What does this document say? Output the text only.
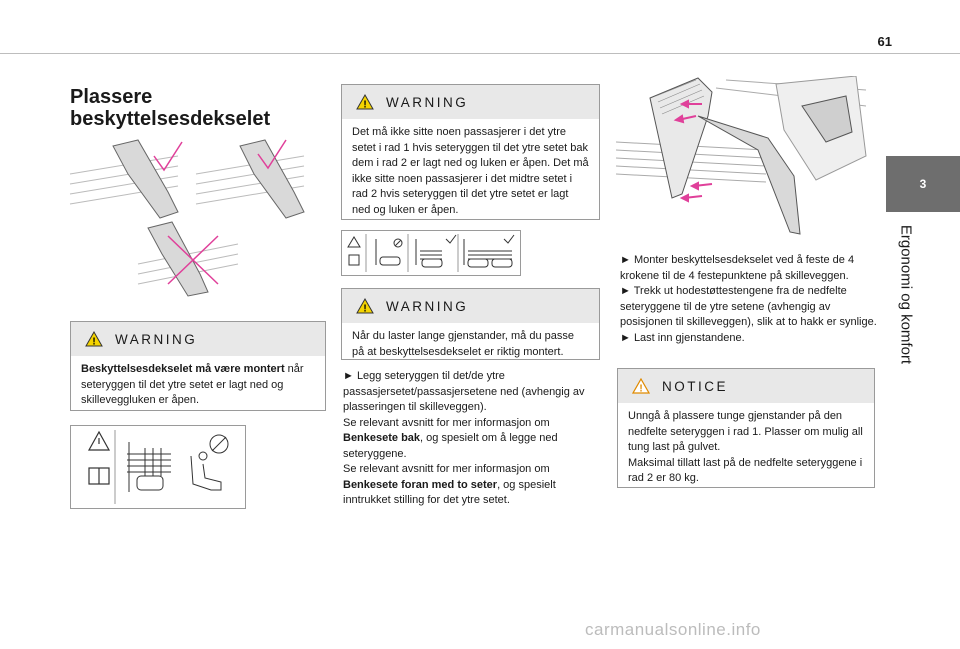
61
3
Ergonomi og komfort
Plassere beskyttelsesdekselet
! WARNING
Beskyttelsesdekselet må være montert når seteryggen til det ytre setet er lagt ned og skilleveggluken er åpen.
! WARNING
Det må ikke sitte noen passasjerer i det ytre setet i rad 1 hvis seteryggen til det ytre setet bak dem i rad 2 er lagt ned og luken er åpen. Det må ikke sitte noen passasjerer i det midtre setet i rad 2 hvis seteryggen til det ytre setet er lagt ned og luken er åpen.
! WARNING
Når du laster lange gjenstander, må du passe på at beskyttelsesdekselet er riktig montert.
► Legg seteryggen til det/de ytre passasjersetet/passasjersetene ned (avhengig av plasseringen til skilleveggen).
Se relevant avsnitt for mer informasjon om Benkesete bak, og spesielt om å legge ned seteryggene.
Se relevant avsnitt for mer informasjon om Benkesete foran med to seter, og spesielt inntrukket stilling for det ytre setet.
► Monter beskyttelsesdekselet ved å feste de 4 krokene til de 4 festepunktene på skilleveggen.
► Trekk ut hodestøttestengene fra de nedfelte seteryggene til de ytre setene (avhengig av posisjonen til skilleveggen), slik at to hakk er synlige.
► Last inn gjenstandene.
! NOTICE
Unngå å plassere tunge gjenstander på den nedfelte seteryggen i rad 1. Plasser om mulig all tung last på gulvet.
Maksimal tillatt last på de nedfelte seteryggene i rad 2 er 80 kg.
carmanualsonline.info
